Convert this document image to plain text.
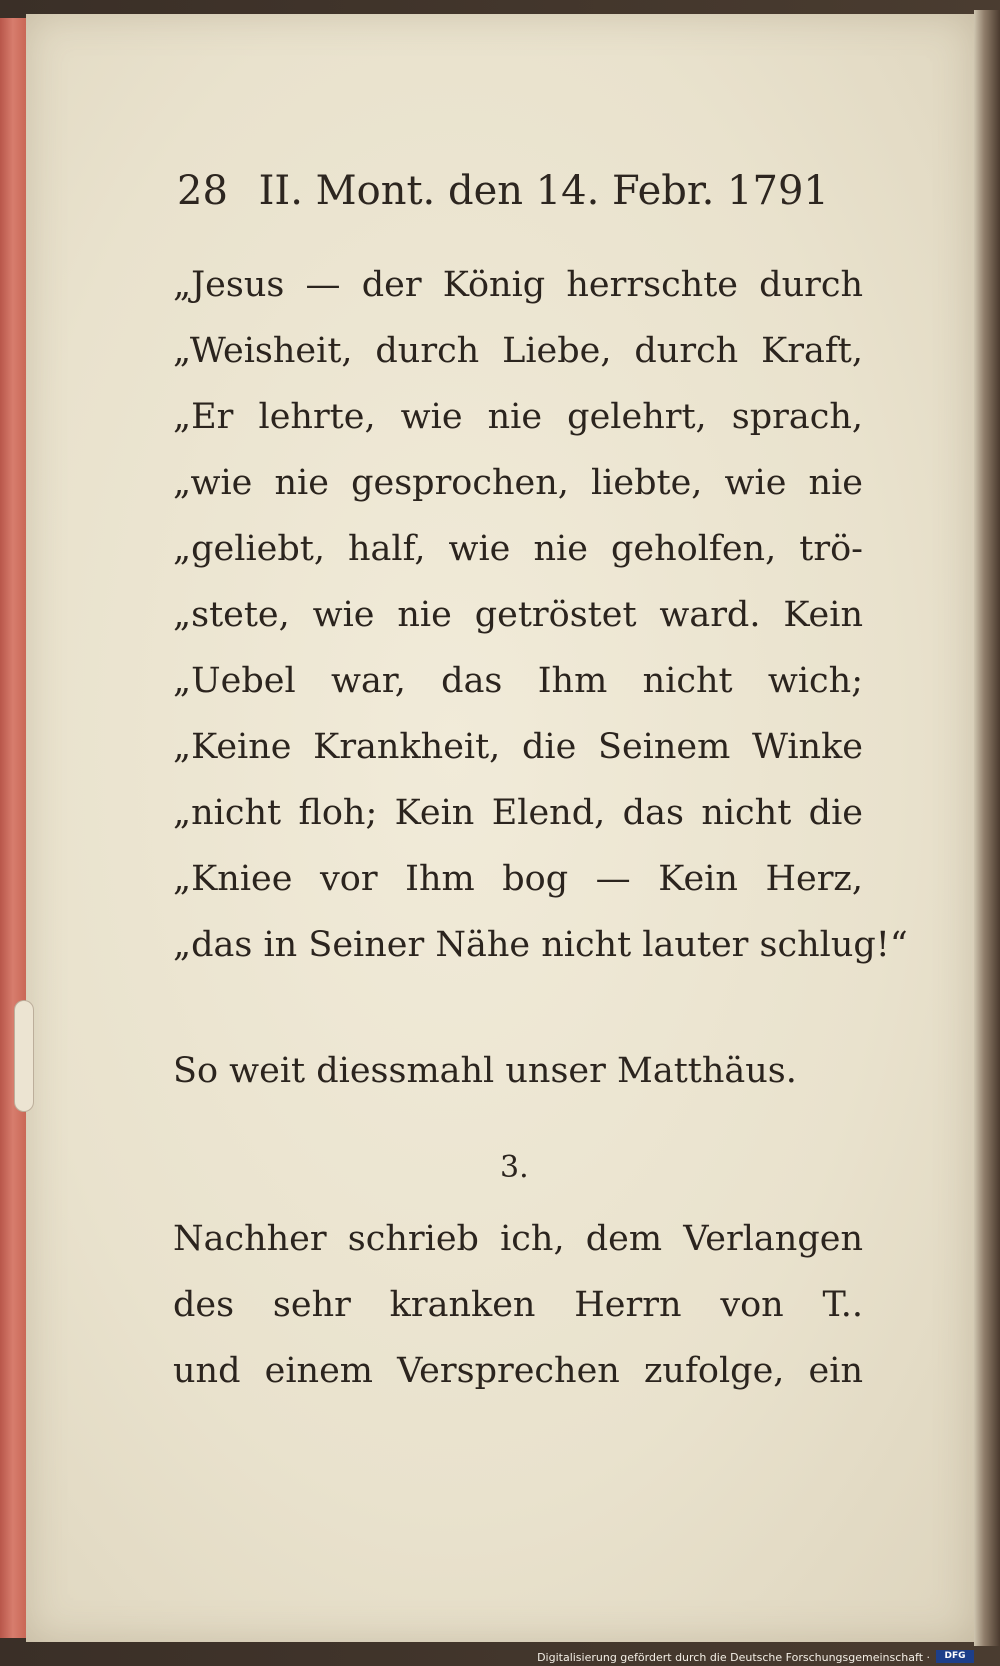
28 II. Mont. den 14. Febr. 1791
„Jesus — der König herrschte durch
„Weisheit, durch Liebe, durch Kraft,
„Er lehrte, wie nie gelehrt, sprach,
„wie nie gesprochen, liebte, wie nie
„geliebt, half, wie nie geholfen, trö-
„stete, wie nie getröstet ward. Kein
„Uebel war, das Ihm nicht wich;
„Keine Krankheit, die Seinem Winke
„nicht floh; Kein Elend, das nicht die
„Kniee vor Ihm bog — Kein Herz,
„das in Seiner Nähe nicht lauter schlug!“
So weit diessmahl unser Matthäus.
3.
Nachher schrieb ich, dem Verlangen
des sehr kranken Herrn von T..
und einem Versprechen zufolge, ein
Digitalisierung gefördert durch die Deutsche Forschungsgemeinschaft ·	DFG
